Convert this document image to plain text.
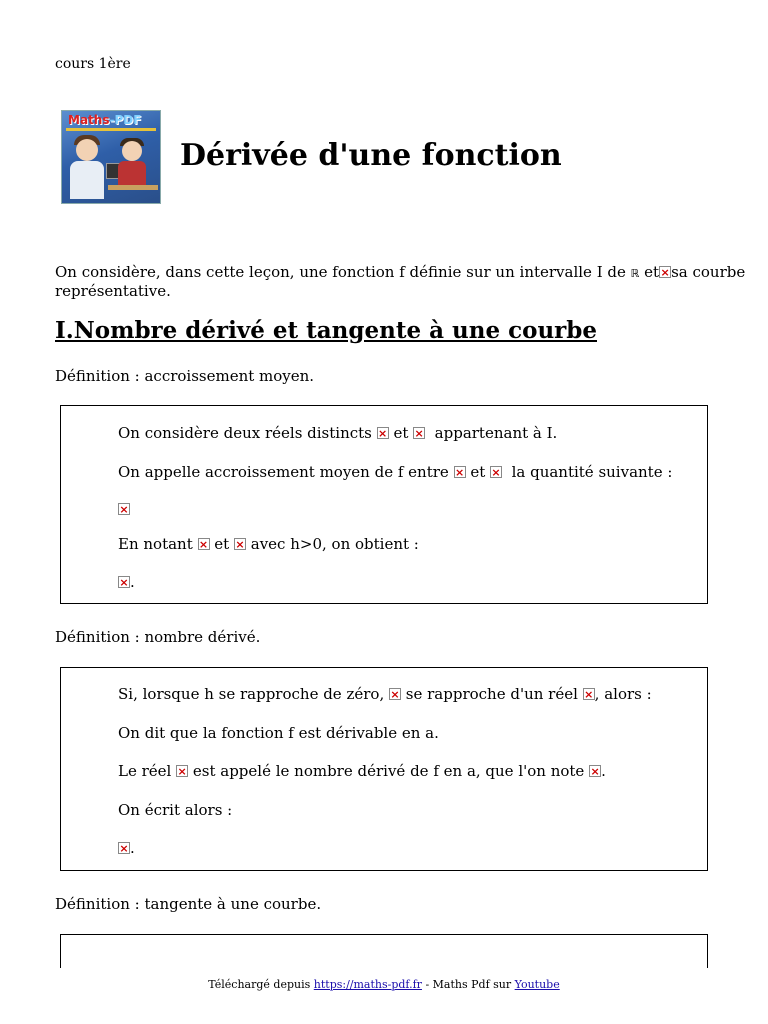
cours 1ère
Maths-PDF
Dérivée d'une fonction
On considère, dans cette leçon, une fonction f définie sur un intervalle I de ℝ et × sa courbe
représentative.
I.Nombre dérivé et tangente à une courbe
Définition : accroissement moyen.
On considère deux réels distincts × et × appartenant à I.
On appelle accroissement moyen de f entre × et × la quantité suivante :
×
En notant × et × avec h>0, on obtient :
×.
Définition : nombre dérivé.
Si, lorsque h se rapproche de zéro, × se rapproche d'un réel × , alors :
On dit que la fonction f est dérivable en a.
Le réel × est appelé le nombre dérivé de f en a, que l'on note × .
On écrit alors :
×.
Définition : tangente à une courbe.
Téléchargé depuis https://maths-pdf.fr - Maths Pdf sur Youtube
